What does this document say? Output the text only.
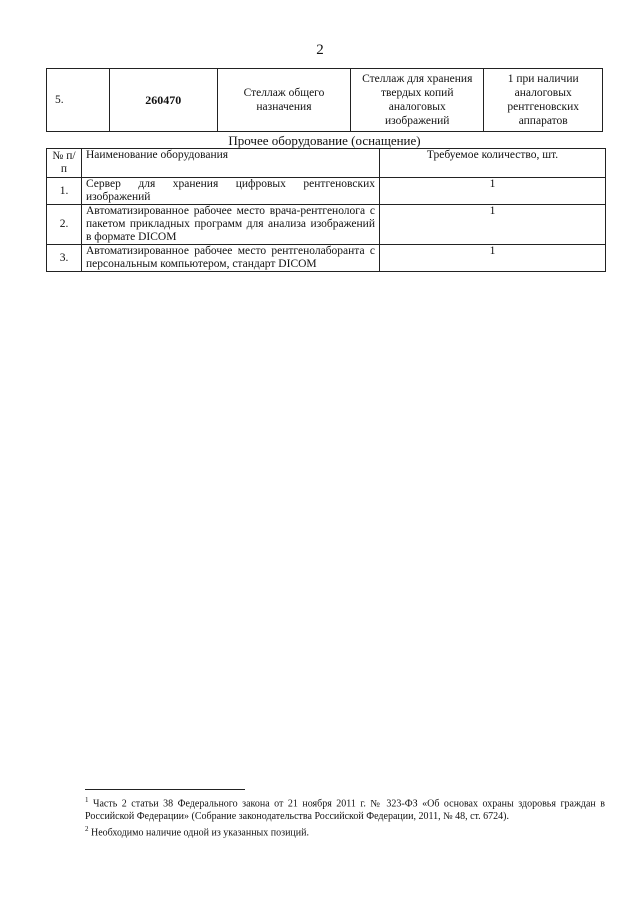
2
5.	260470	Стеллаж общего назначения	Стеллаж для хранения твердых копий аналоговых изображений	1 при наличии аналоговых рентгеновских аппаратов
Прочее оборудование (оснащение)
№ п/п	Наименование оборудования	Требуемое количество, шт.
1.	Сервер для хранения цифровых рентгеновских изображений	1
2.	Автоматизированное рабочее место врача-рентгенолога с пакетом прикладных программ для анализа изображений в формате DICOM	1
3.	Автоматизированное рабочее место рентгенолаборанта с персональным компьютером, стандарт DICOM	1

$^1$ Часть 2 статьи 38 Федерального закона от 21 ноября 2011 г. № 323-ФЗ «Об основах охраны здоровья граждан в Российской Федерации» (Собрание законодательства Российской Федерации, 2011, № 48, ст. 6724).

$^2$ Необходимо наличие одной из указанных позиций.
